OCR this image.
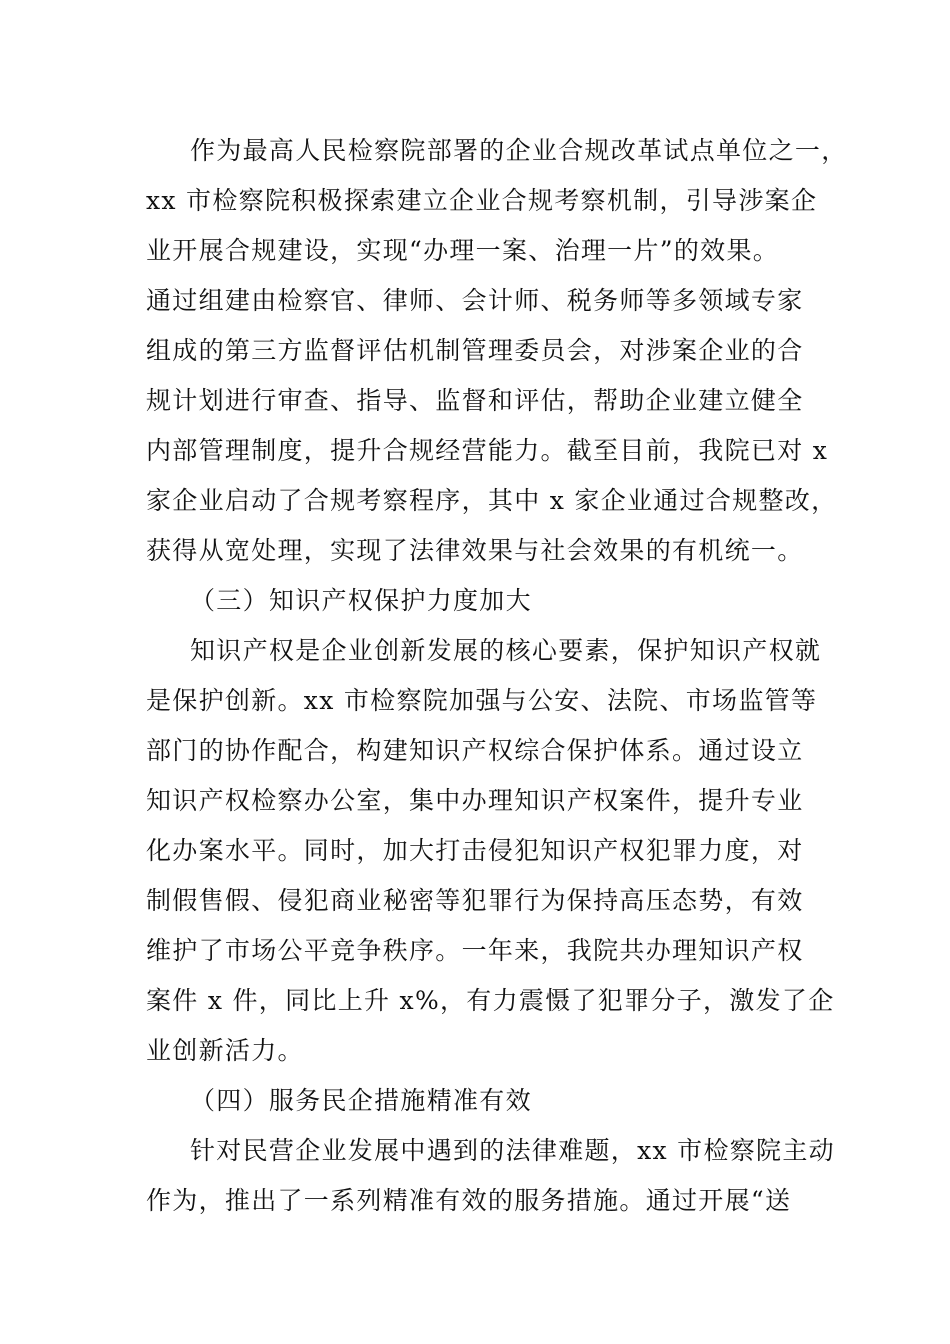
作为最高人民检察院部署的企业合规改革试点单位之一，
xx 市检察院积极探索建立企业合规考察机制，引导涉案企
业开展合规建设，实现“办理一案、治理一片”的效果。
通过组建由检察官、律师、会计师、税务师等多领域专家
组成的第三方监督评估机制管理委员会，对涉案企业的合
规计划进行审查、指导、监督和评估，帮助企业建立健全
内部管理制度，提升合规经营能力。截至目前，我院已对 x
家企业启动了合规考察程序，其中 x 家企业通过合规整改，
获得从宽处理，实现了法律效果与社会效果的有机统一。
（三）知识产权保护力度加大
知识产权是企业创新发展的核心要素，保护知识产权就
是保护创新。xx 市检察院加强与公安、法院、市场监管等
部门的协作配合，构建知识产权综合保护体系。通过设立
知识产权检察办公室，集中办理知识产权案件，提升专业
化办案水平。同时，加大打击侵犯知识产权犯罪力度，对
制假售假、侵犯商业秘密等犯罪行为保持高压态势，有效
维护了市场公平竞争秩序。一年来，我院共办理知识产权
案件 x 件，同比上升 x%，有力震慑了犯罪分子，激发了企
业创新活力。
（四）服务民企措施精准有效
针对民营企业发展中遇到的法律难题，xx 市检察院主动
作为，推出了一系列精准有效的服务措施。通过开展“送
